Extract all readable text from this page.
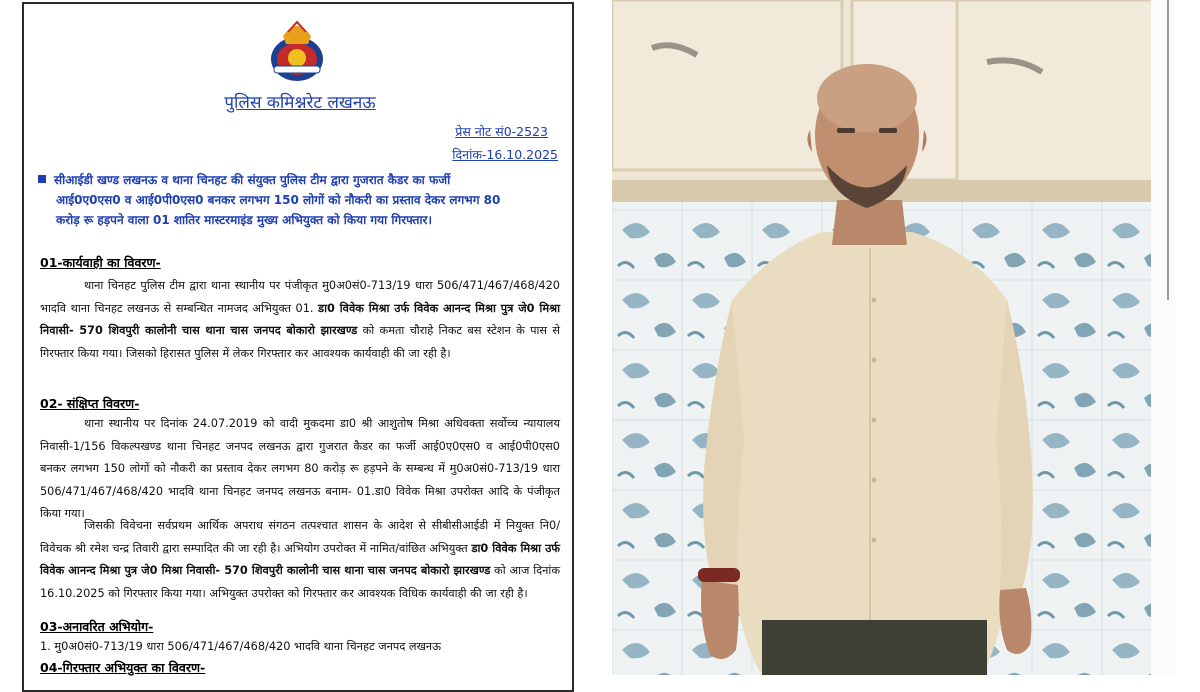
पुलिस कमिश्नरेट लखनऊ
प्रेस नोट सं0-2523
दिनांक-16.10.2025
सीआईडी खण्ड लखनऊ व थाना चिनहट की संयुक्त पुलिस टीम द्वारा गुजरात कैडर का फर्जी
आई0ए0एस0 व आई0पी0एस0 बनकर लगभग 150 लोगों को नौकरी का प्रस्ताव देकर लगभग 80
करोड़ रू हड़पने वाला 01 शातिर मास्टरमाइंड मुख्य अभियुक्त को किया गया गिरफ्तार।
01-कार्यवाही का विवरण-
थाना चिनहट पुलिस टीम द्वारा थाना स्थानीय पर पंजीकृत मु0अ0सं0-713/19 धारा 506/471/467/468/420 भादवि थाना चिनहट लखनऊ से सम्बन्धित नामजद अभियुक्त 01. डा0 विवेक मिश्रा उर्फ विवेक आनन्द मिश्रा पुत्र जे0 मिश्रा निवासी- 570 शिवपुरी कालोनी चास थाना चास जनपद बोकारो झारखण्ड को कमता चौराहे निकट बस स्टेशन के पास से गिरफ्तार किया गया। जिसको हिरासत पुलिस में लेकर गिरफ्तार कर आवश्यक कार्यवाही की जा रही है।
02- संक्षिप्त विवरण-
थाना स्थानीय पर दिनांक 24.07.2019 को वादी मुकदमा डा0 श्री आशुतोष मिश्रा अधिवक्ता सर्वोच्च न्यायालय निवासी-1/156 विकल्पखण्ड थाना चिनहट जनपद लखनऊ द्वारा गुजरात कैडर का फर्जी आई0ए0एस0 व आई0पी0एस0 बनकर लगभग 150 लोगों को नौकरी का प्रस्ताव देकर लगभग 80 करोड़ रू हड़पने के सम्बन्ध में मु0अ0सं0-713/19 धारा 506/471/467/468/420 भादवि थाना चिनहट जनपद लखनऊ बनाम- 01.डा0 विवेक मिश्रा उपरोक्त आदि के पंजीकृत किया गया।
जिसकी विवेचना सर्वप्रथम आर्थिक अपराध संगठन तत्पश्चात शासन के आदेश से सीबीसीआईडी में नियुक्त नि0/विवेचक श्री रमेश चन्द्र तिवारी द्वारा सम्पादित की जा रही है। अभियोग उपरोक्त में नामित/वांछित अभियुक्त डा0 विवेक मिश्रा उर्फ विवेक आनन्द मिश्रा पुत्र जे0 मिश्रा निवासी- 570 शिवपुरी कालोनी चास थाना चास जनपद बोकारो झारखण्ड को आज दिनांक 16.10.2025 को गिरफ्तार किया गया। अभियुक्त उपरोक्त को गिरफ्तार कर आवश्यक विधिक कार्यवाही की जा रही है।
03-अनावरित अभियोग-
1. मु0अ0सं0-713/19 धारा 506/471/467/468/420 भादवि थाना चिनहट जनपद लखनऊ
04-गिरफ्तार अभियुक्त का विवरण-
